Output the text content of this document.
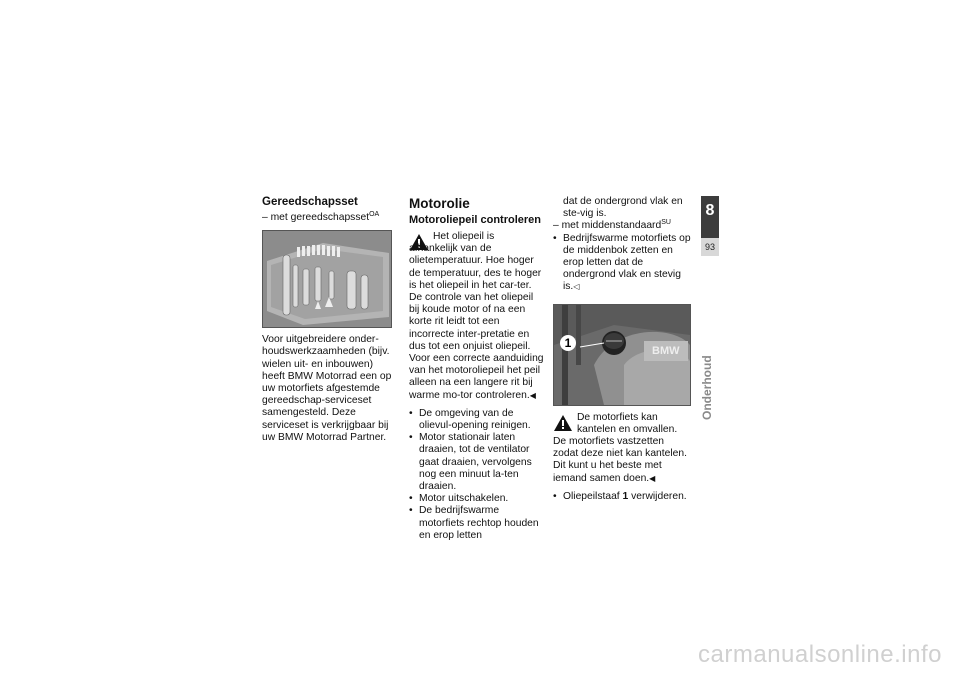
Gereedschapsset

– met gereedschapsset$^{OA}$

Voor uitgebreidere onder-houdswerkzaamheden (bijv. wielen uit- en inbouwen) heeft BMW Motorrad een op uw motorfiets afgestemde gereedschap-serviceset samengesteld. Deze serviceset is verkrijgbaar bij uw BMW Motorrad Partner.

Motorolie
Motoroliepeil controleren

Het oliepeil is afhankelijk van de olietemperatuur. Hoe hoger de temperatuur, des te hoger is het oliepeil in het car-ter. De controle van het oliepeil bij koude motor of na een korte rit leidt tot een incorrecte inter-pretatie en dus tot een onjuist oliepeil.

Voor een correcte aanduiding van het motoroliepeil het peil alleen na een langere rit bij warme mo-tor controleren.◀

• De omgeving van de olievul-opening reinigen.
• Motor stationair laten draaien, tot de ventilator gaat draaien, vervolgens nog een minuut la-ten draaien.
• Motor uitschakelen.
• De bedrijfswarme motorfiets rechtop houden en erop letten

dat de ondergrond vlak en ste-vig is.

– met middenstandaard$^{SU}$

• Bedrijfswarme motorfiets op de middenbok zetten en erop letten dat de ondergrond vlak en stevig is.◁
1
BMW

De motorfiets kan kantelen en omvallen.

De motorfiets vastzetten zodat deze niet kan kantelen. Dit kunt u het beste met iemand samen doen.◀

• Oliepeilstaaf 1 verwijderen.
8
93
Onderhoud
carmanualsonline.info
